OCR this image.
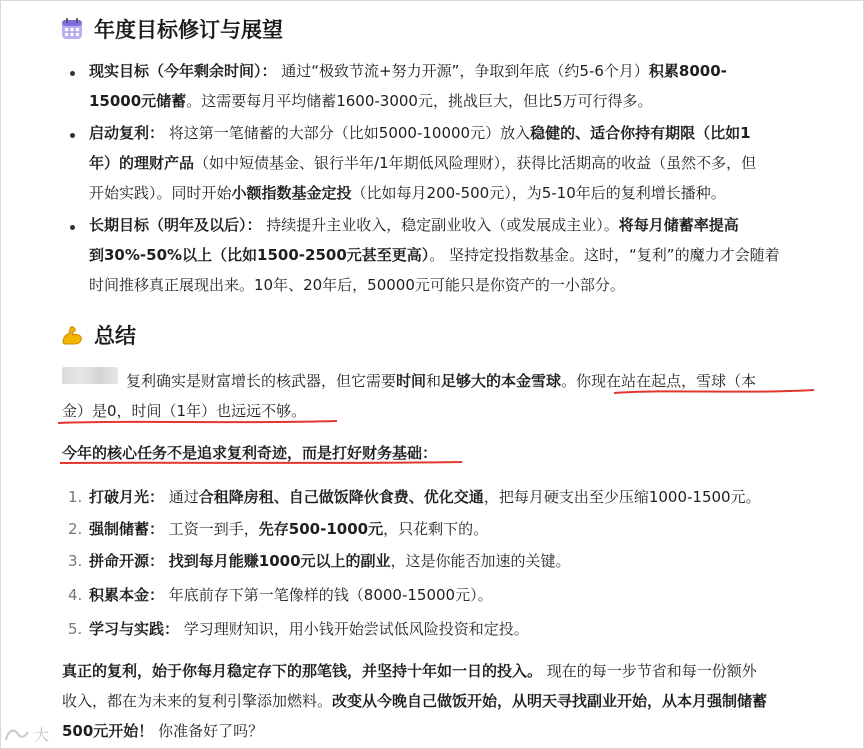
年度目标修订与展望
现实目标（今年剩余时间）： 通过“极致节流+努力开源”，争取到年底（约5-6个月）积累8000-
15000元储蓄。这需要每月平均储蓄1600-3000元，挑战巨大，但比5万可行得多。
启动复利： 将这第一笔储蓄的大部分（比如5000-10000元）放入稳健的、适合你持有期限（比如1
年）的理财产品（如中短债基金、银行半年/1年期低风险理财），获得比活期高的收益（虽然不多，但
开始实践）。同时开始小额指数基金定投（比如每月200-500元），为5-10年后的复利增长播种。
长期目标（明年及以后）： 持续提升主业收入，稳定副业收入（或发展成主业）。将每月储蓄率提高
到30%-50%以上（比如1500-2500元甚至更高）。 坚持定投指数基金。这时，“复利”的魔力才会随着
时间推移真正展现出来。10年、20年后，50000元可能只是你资产的一小部分。
总结
复利确实是财富增长的核武器，但它需要时间和足够大的本金雪球。你现在站在起点，雪球（本
金）是0，时间（1年）也远远不够。
今年的核心任务不是追求复利奇迹，而是打好财务基础：
1. 打破月光： 通过合租降房租、自己做饭降伙食费、优化交通，把每月硬支出至少压缩1000-1500元。
2. 强制储蓄： 工资一到手，先存500-1000元，只花剩下的。
3. 拼命开源： 找到每月能赚1000元以上的副业，这是你能否加速的关键。
4. 积累本金： 年底前存下第一笔像样的钱（8000-15000元）。
5. 学习与实践： 学习理财知识，用小钱开始尝试低风险投资和定投。
真正的复利，始于你每月稳定存下的那笔钱，并坚持十年如一日的投入。 现在的每一步节省和每一份额外
收入，都在为未来的复利引擎添加燃料。改变从今晚自己做饭开始，从明天寻找副业开始，从本月强制储蓄
500元开始！ 你准备好了吗？
大
